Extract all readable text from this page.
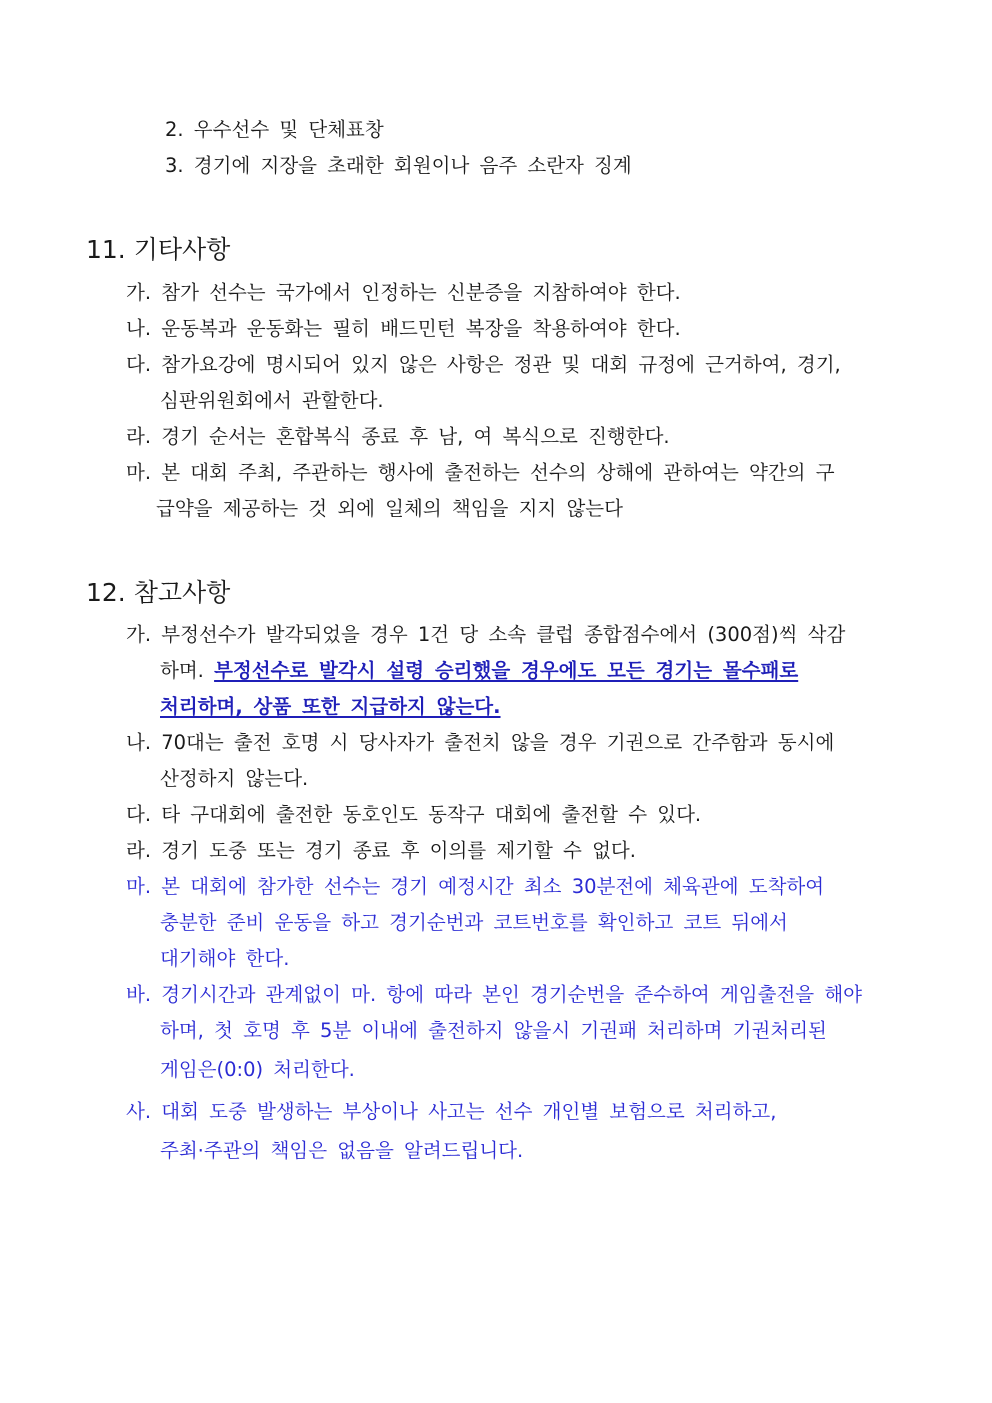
2. 우수선수 및 단체표창
3. 경기에 지장을 초래한 회원이나 음주 소란자 징계
11. 기타사항
가. 참가 선수는 국가에서 인정하는 신분증을 지참하여야 한다.
나. 운동복과 운동화는 필히 배드민턴 복장을 착용하여야 한다.
다. 참가요강에 명시되어 있지 않은 사항은 정관 및 대회 규정에 근거하여, 경기,
심판위원회에서 관할한다.
라. 경기 순서는 혼합복식 종료 후 남, 여 복식으로 진행한다.
마. 본 대회 주최, 주관하는 행사에 출전하는 선수의 상해에 관하여는 약간의 구
급약을 제공하는 것 외에 일체의 책임을 지지 않는다
12. 참고사항
가. 부정선수가 발각되었을 경우 1건 당 소속 클럽 종합점수에서 (300점)씩 삭감
하며. 부정선수로 발각시 설령 승리했을 경우에도 모든 경기는 몰수패로
처리하며, 상품 또한 지급하지 않는다.
나. 70대는 출전 호명 시 당사자가 출전치 않을 경우 기권으로 간주함과 동시에
산정하지 않는다.
다. 타 구대회에 출전한 동호인도 동작구 대회에 출전할 수 있다.
라. 경기 도중 또는 경기 종료 후 이의를 제기할 수 없다.
마. 본 대회에 참가한 선수는 경기 예정시간 최소 30분전에 체육관에 도착하여
충분한 준비 운동을 하고 경기순번과 코트번호를 확인하고 코트 뒤에서
대기해야 한다.
바. 경기시간과 관계없이 마. 항에 따라 본인 경기순번을 준수하여 게임출전을 해야
하며, 첫 호명 후 5분 이내에 출전하지 않을시 기권패 처리하며 기권처리된
게임은(0:0) 처리한다.
사. 대회 도중 발생하는 부상이나 사고는 선수 개인별 보험으로 처리하고,
주최·주관의 책임은 없음을 알려드립니다.
